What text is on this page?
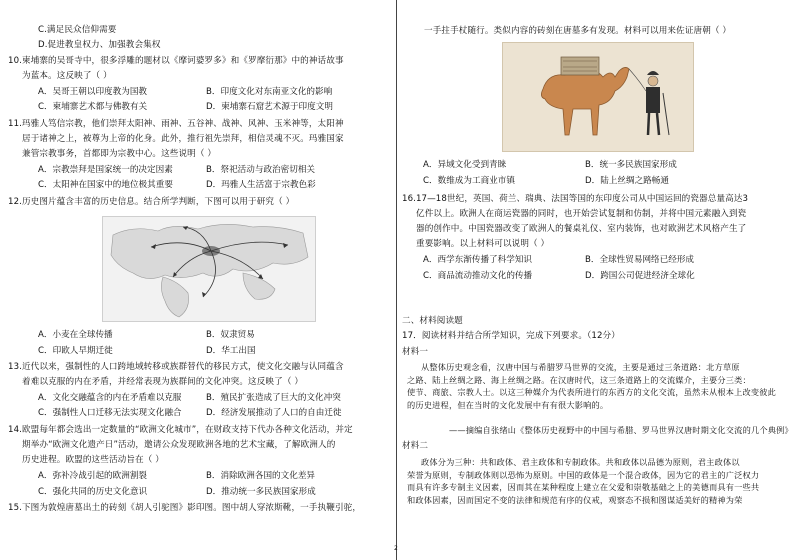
C.满足民众信仰需要
D.促进教皇权力、加强教会集权
10.柬埔寨的吴哥寺中，很多浮雕的题材以《摩诃婆罗多》和《罗摩衍那》中的神话故事
为蓝本。这反映了（ ）
11.玛雅人笃信宗教，他们崇拜太阳神、雨神、五谷神、战神、风神、玉米神等，太阳神
居于诸神之上，被尊为上帝的化身。此外，推行祖先崇拜，相信灵魂不灭。玛雅国家
兼管宗教事务，首都即为宗教中心。这些说明（ ）
12.历史图片蕴含丰富的历史信息。结合所学判断，下图可以用于研究（ ）
13.近代以来，强制性的人口跨地域转移或族群替代的移民方式，使文化交融与认同蕴含
着难以克服的内在矛盾，并经常表现为族群间的文化冲突。这反映了（ ）
14.欧盟每年都会选出一定数量的“欧洲文化城市”，在财政支持下代办各种文化活动，并定
期举办“欧洲文化遗产日”活动，邀请公众发现欧洲各地的艺术宝藏，了解欧洲人的
历史进程。欧盟的这些活动旨在（ ）
15.下图为敦煌唐墓出土的砖刻《胡人引驼图》影印图。图中胡人穿浓斯靴，一手执鞭引驼，
A．吴哥王朝以印度教为国教	B．印度文化对东南亚文化的影响
C．柬埔寨艺术都与佛教有关	D．柬埔寨石窟艺术源于印度文明
A．宗教崇拜是国家统一的决定因素	B．祭祀活动与政治密切相关
C．太阳神在国家中的地位极其重要	D．玛雅人生活富于宗教色彩
A．小麦在全球传播	B．奴隶贸易
C．印欧人早期迁徙	D．华工出国
A．文化交融蕴含的内在矛盾难以克服	B．殖民扩张造成了巨大的文化冲突
C．强制性人口迁移无法实现文化融合	D．经济发展推动了人口的自由迁徙
A．弥补冷战引起的欧洲割裂	B．消除欧洲各国的文化差异
C．强化共同的历史文化意识	D．推动统一多民族国家形成
一手拄手杖随行。类似内容的砖刻在唐墓多有发现。材料可以用来佐证唐朝（ ）
16.17—18世纪，英国、荷兰、瑞典、法国等国的东印度公司从中国运回的瓷器总量高达3
亿件以上。欧洲人在商运瓷器的同时，也开始尝试复制和仿制，并将中国元素融入到瓷
器的创作中。中国瓷器改变了欧洲人的餐桌礼仪、室内装饰，也对欧洲艺术风格产生了
重要影响。以上材料可以说明（ ）
二、材料阅读题
17．阅读材料并结合所学知识，完成下列要求。（12分）
材料一
材料二
A．异域文化受到青睐	B．统一多民族国家形成
C．数维成为工商业市镇	D．陆上丝绸之路畅通
A．西学东渐传播了科学知识	B．全球性贸易网络已经形成
C．商品流动推动文化的传播	D．跨国公司促进经济全球化
从整体历史观念看，汉唐中国与希腊罗马世界的交流，主要是通过三条道路：北方草原
之路、陆上丝绸之路、海上丝绸之路。在汉唐时代，这三条道路上的交流媒介，主要分三类：
使节、商旅、宗教人士。以这三种媒介为代表所进行的东西方的文化交流，虽然未从根本上改变彼此
的历史进程，但在当时的文化发展中有有很大影响的。
——摘编自张绪山《整体历史视野中的中国与希腊、罗马世界汉唐时期文化交流的几个典例》
政体分为三种：共和政体、君主政体和专制政体。共和政体以品德为原则，君主政体以
荣誉为原则，专制政体则以恐怖为原则。中国的政体是一个混合政体，因为它的君主的广泛权力
而具有许多专制主义因素，因而其在某种程度上建立在父爱和崇敬基础之上的美德而具有一些共
和政体因素，因而国定不变的法律和规范有序的仪戒，观察态不损和图谋适美好的精神为荣
2
